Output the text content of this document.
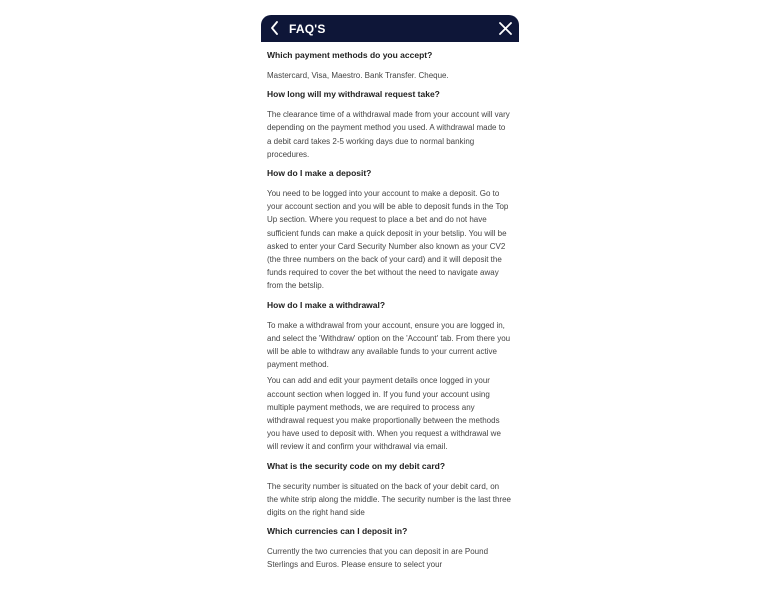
FAQ'S

Which payment methods do you accept?

Mastercard, Visa, Maestro. Bank Transfer. Cheque.

How long will my withdrawal request take?

The clearance time of a withdrawal made from your account will vary depending on the payment method you used. A withdrawal made to a debit card takes 2-5 working days due to normal banking procedures.

How do I make a deposit?

You need to be logged into your account to make a deposit. Go to your account section and you will be able to deposit funds in the Top Up section. Where you request to place a bet and do not have sufficient funds can make a quick deposit in your betslip. You will be asked to enter your Card Security Number also known as your CV2 (the three numbers on the back of your card) and it will deposit the funds required to cover the bet without the need to navigate away from the betslip.

How do I make a withdrawal?

To make a withdrawal from your account, ensure you are logged in, and select the 'Withdraw' option on the 'Account' tab. From there you will be able to withdraw any available funds to your current active payment method.

You can add and edit your payment details once logged in your account section when logged in. If you fund your account using multiple payment methods, we are required to process any withdrawal request you make proportionally between the methods you have used to deposit with. When you request a withdrawal we will review it and confirm your withdrawal via email.

What is the security code on my debit card?

The security number is situated on the back of your debit card, on the white strip along the middle. The security number is the last three digits on the right hand side

Which currencies can I deposit in?

Currently the two currencies that you can deposit in are Pound Sterlings and Euros. Please ensure to select your
